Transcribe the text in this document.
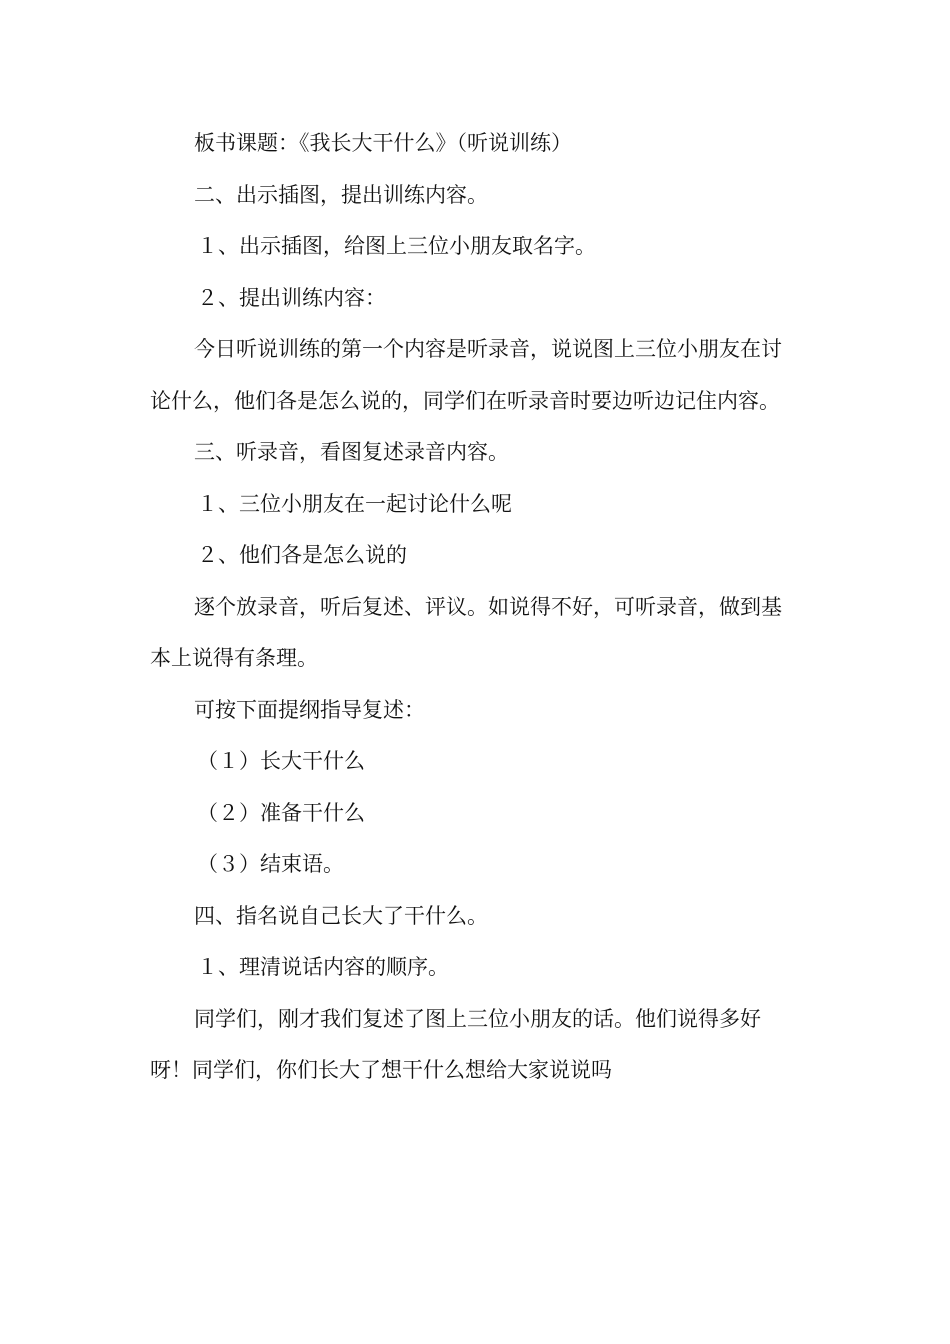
板书课题：《我长大干什么》（听说训练）

二、出示插图，提出训练内容。

１、出示插图，给图上三位小朋友取名字。

２、提出训练内容：

今日听说训练的第一个内容是听录音，说说图上三位小朋友在讨论什么，他们各是怎么说的，同学们在听录音时要边听边记住内容。

三、听录音，看图复述录音内容。

１、三位小朋友在一起讨论什么呢

２、他们各是怎么说的

逐个放录音，听后复述、评议。如说得不好，可听录音，做到基本上说得有条理。

可按下面提纲指导复述：

（１）长大干什么

（２）准备干什么

（３）结束语。

四、指名说自己长大了干什么。

１、理清说话内容的顺序。

同学们，刚才我们复述了图上三位小朋友的话。他们说得多好呀！同学们，你们长大了想干什么想给大家说说吗
